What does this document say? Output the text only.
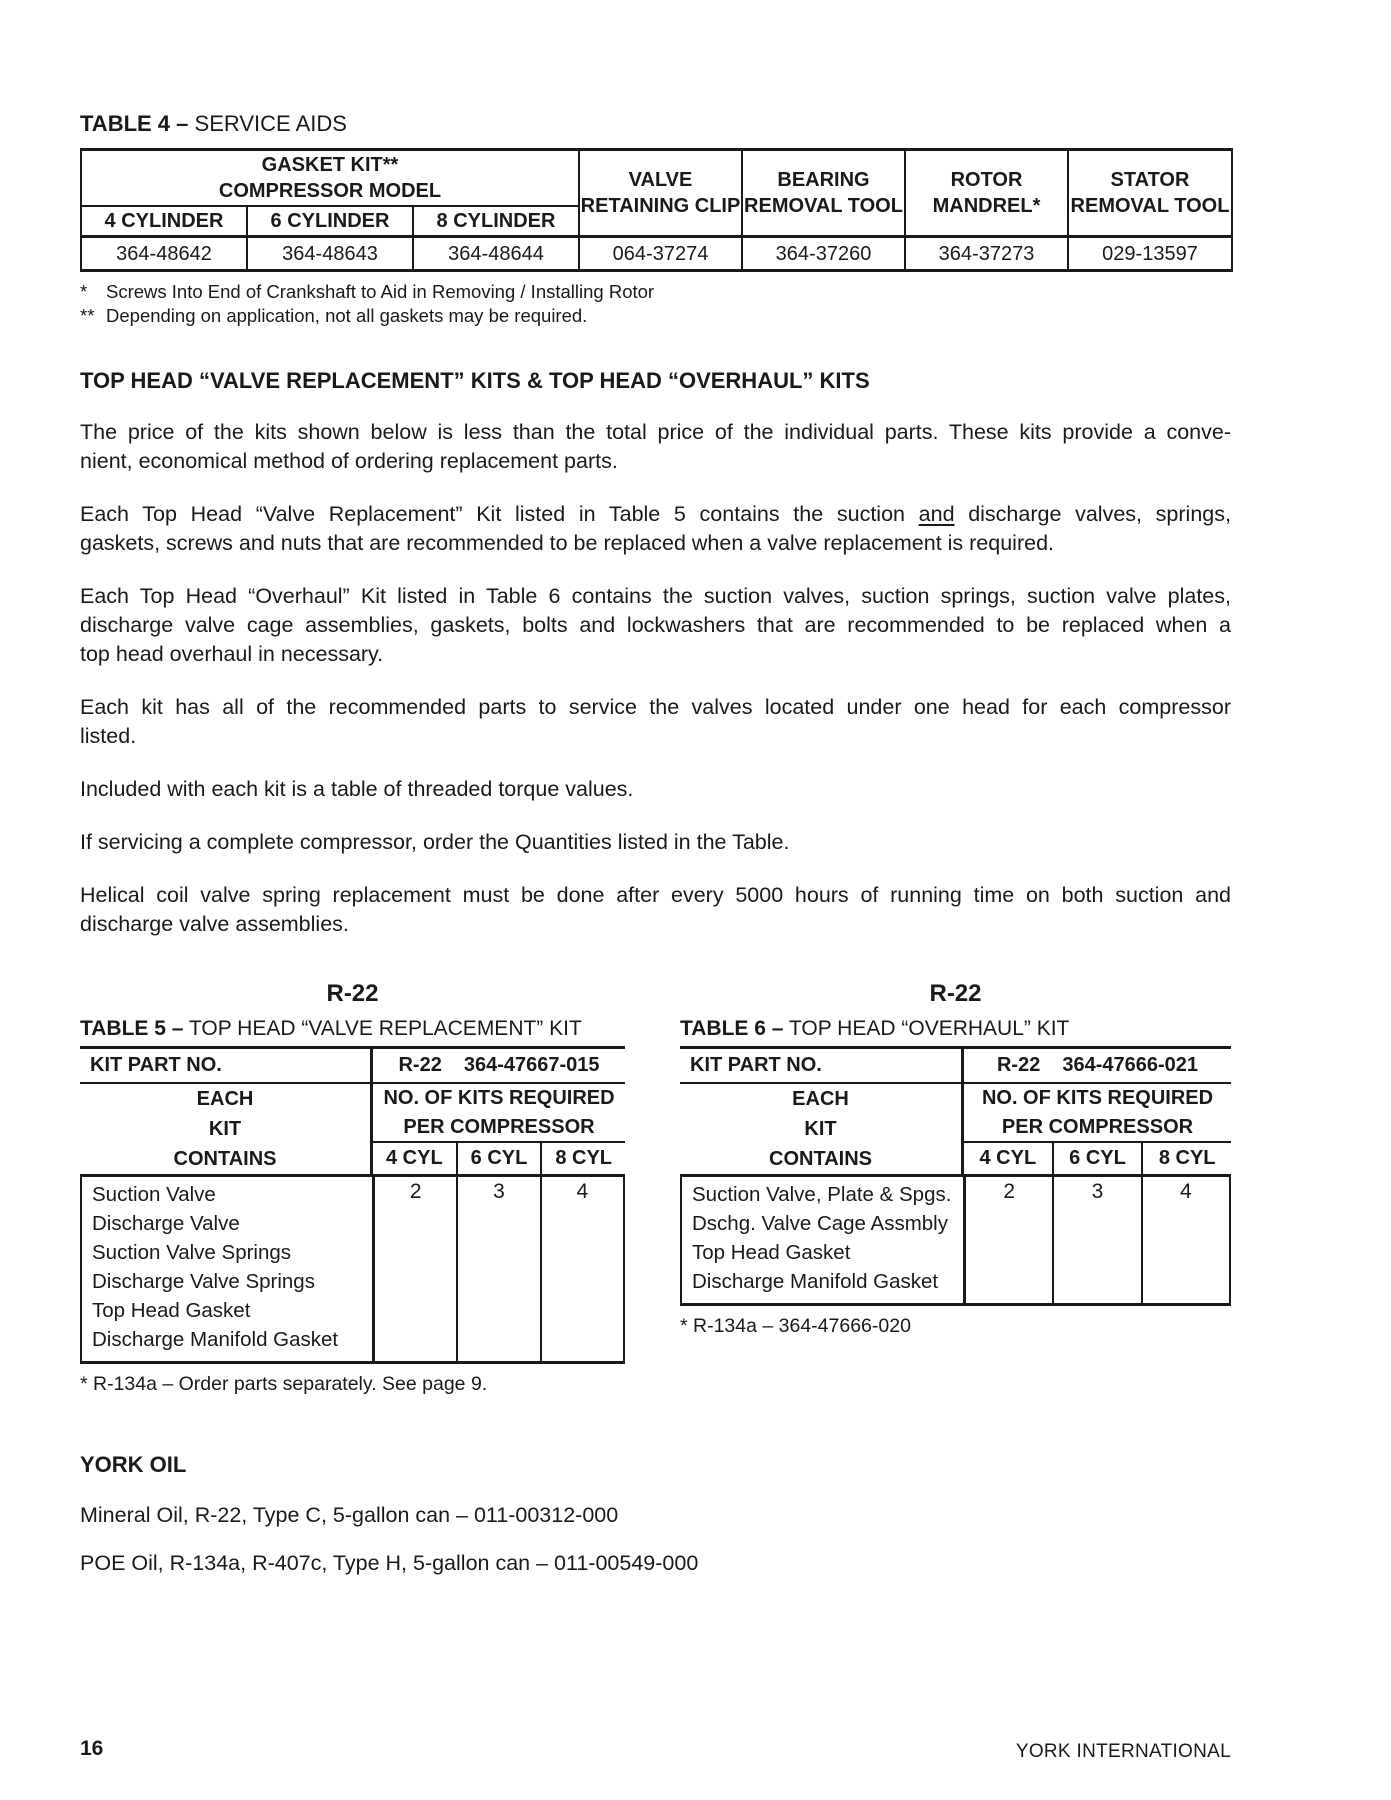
TABLE 4 – SERVICE AIDS
GASKET KIT**
COMPRESSOR MODEL			VALVE RETAINING CLIP	BEARING REMOVAL TOOL	ROTOR MANDREL*	STATOR REMOVAL TOOL
4 CYLINDER	6 CYLINDER	8 CYLINDER				
364-48642	364-48643	364-48644	064-37274	364-37260	364-37273	029-13597
*	Screws Into End of Crankshaft to Aid in Removing / Installing Rotor
** Depending on application, not all gaskets may be required.
TOP HEAD “VALVE REPLACEMENT” KITS & TOP HEAD “OVERHAUL” KITS
The price of the kits shown below is less than the total price of the individual parts. These kits provide a conve-
nient, economical method of ordering replacement parts.
Each Top Head “Valve Replacement” Kit listed in Table 5 contains the suction and discharge valves, springs,
gaskets, screws and nuts that are recommended to be replaced when a valve replacement is required.
Each Top Head “Overhaul” Kit listed in Table 6 contains the suction valves, suction springs, suction valve plates,
discharge valve cage assemblies, gaskets, bolts and lockwashers that are recommended to be replaced when a
top head overhaul in necessary.
Each kit has all of the recommended parts to service the valves located under one head for each compressor
listed.
Included with each kit is a table of threaded torque values.
If servicing a complete compressor, order the Quantities listed in the Table.
Helical coil valve spring replacement must be done after every 5000 hours of running time on both suction and
discharge valve assemblies.
R-22
TABLE 5 – TOP HEAD “VALVE REPLACEMENT” KIT
KIT PART NO.	R-22 364-47667-015
EACH
KIT
CONTAINS
NO. OF KITS REQUIRED
PER COMPRESSOR
4 CYL	6 CYL	8 CYL
Suction Valve
Discharge Valve
Suction Valve Springs
Discharge Valve Springs
Top Head Gasket
Discharge Manifold Gasket
2	3	4
* R-134a – Order parts separately. See page 9.
R-22
TABLE 6 – TOP HEAD “OVERHAUL” KIT
KIT PART NO.	R-22 364-47666-021
EACH
KIT
CONTAINS
NO. OF KITS REQUIRED
PER COMPRESSOR
4 CYL	6 CYL	8 CYL
Suction Valve, Plate & Spgs.
Dschg. Valve Cage Assmbly
Top Head Gasket
Discharge Manifold Gasket
2	3	4
* R-134a – 364-47666-020
YORK OIL
Mineral Oil, R-22, Type C, 5-gallon can – 011-00312-000
POE Oil, R-134a, R-407c, Type H, 5-gallon can – 011-00549-000
16	YORK INTERNATIONAL
